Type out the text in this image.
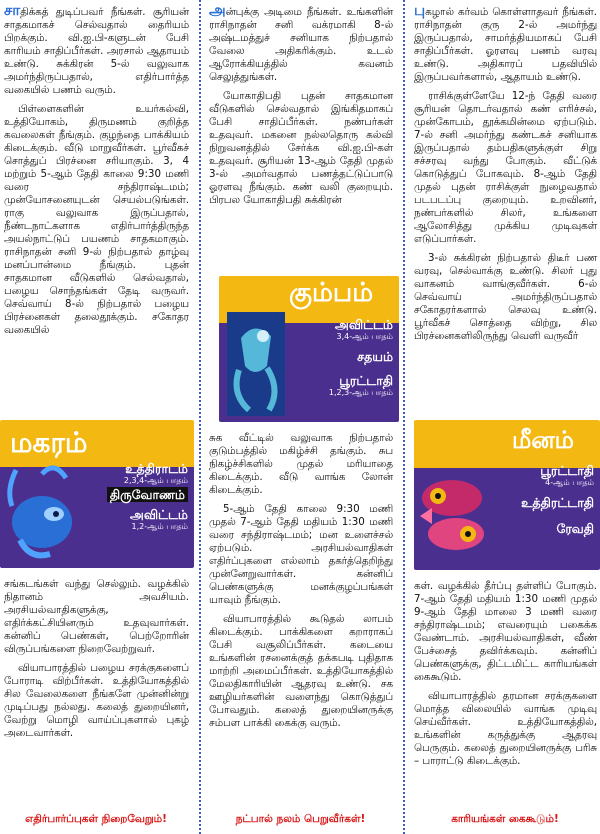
சாதிக்கத் துடிப்பவர் நீங்கள். சூரியன் சாதகமாகச் செல்வதால் தைரியம் பிறக்கும். வி.ஐ.பி-களுடன் பேசி காரியம் சாதிப்பீர்கள். அரசால் ஆதாயம் உண்டு. சுக்கிரன் 5-ல் வலுவாக அமர்ந்திருப்பதால், எதிர்பார்த்த வகையில் பணம் வரும்.

பிள்ளைகளின் உயர்கல்வி, உத்தியோகம், திருமணம் குறித்த கவலைகள் நீங்கும். குழந்தை பாக்கியம் கிடைக்கும். வீடு மாறுவீர்கள். பூர்வீகச் சொத்துப் பிரச்னை சரியாகும். 3, 4 மற்றும் 5-ஆம் தேதி காலை 9:30 மணி வரை சந்திராஷ்டமம்; முன்யோசனையுடன் செயல்படுங்கள். ராகு வலுவாக இருப்பதால், நீண்டநாட்களாக எதிர்பார்த்திருந்த அயல்நாட்டுப் பயணம் சாதகமாகும். ராசிநாதன் சனி 9-ல் நிற்பதால் தாழ்வு மனப்பான்மை நீங்கும். புதன் சாதகமான வீடுகளில் செல்வதால், பழைய சொந்தங்கள் தேடி வருவர். செவ்வாய் 8-ல் நிற்பதால் பழைய பிரச்னைகள் தலைதூக்கும். சகோதர வகையில்

மகரம்
உத்திராடம்
2,3,4-ஆம் பாதம்
திருவோணம்
அவிட்டம்
1,2-ஆம் பாதம்

சங்கடங்கள் வந்து செல்லும். வழக்கில் நிதானம் அவசியம். அரசியல்வாதிகளுக்கு, எதிர்க்கட்சியினரும் உதவுவார்கள். கன்னிப் பெண்கள், பெற்றோரின் விருப்பங்களை நிறைவேற்றுவர்.

வியாபாரத்தில் பழைய சரக்குகளைப் போராடி விற்பீர்கள். உத்தியோகத்தில் சில வேலைகளை நீங்களே முன்னின்று முடிப்பது நல்லது. கலைத் துறையினர், வேற்று மொழி வாய்ப்புகளால் புகழ் அடைவார்கள்.

எதிர்பார்ப்புகள் நிறைவேறும்!

அன்புக்கு அடிமை நீங்கள். உங்களின் ராசிநாதன் சனி வக்ரமாகி 8-ல் அஷ்டமத்துச் சனியாக நிற்பதால் வேலை அதிகரிக்கும். உடல் ஆரோக்கியத்தில் கவனம் செலுத்துங்கள்.

யோகாதிபதி புதன் சாதகமான வீடுகளில் செல்வதால் இங்கிதமாகப் பேசி சாதிப்பீர்கள். நண்பர்கள் உதவுவர். மகனை நல்லதொரு கல்வி நிறுவனத்தில் சேர்க்க வி.ஐ.பி-கள் உதவுவர். சூரியன் 13-ஆம் தேதி முதல் 3-ல் அமர்வதால் பணத்தட்டுப்பாடு ஓரளவு நீங்கும். கண் வலி குறையும். பிரபல யோகாதிபதி சுக்கிரன்

கும்பம்
அவிட்டம்
3,4-ஆம் பாதம்
சதயம்
பூரட்டாதி
1,2,3-ஆம் பாதம்

சுக வீட்டில் வலுவாக நிற்பதால் குடும்பத்தில் மகிழ்ச்சி தங்கும். சுப நிகழ்ச்சிகளில் முதல் மரியாதை கிடைக்கும். வீடு வாங்க லோன் கிடைக்கும்.

5-ஆம் தேதி காலை 9:30 மணி முதல் 7-ஆம் தேதி மதியம் 1:30 மணி வரை சந்திராஷ்டமம்; மன உளைச்சல் ஏற்படும். அரசியல்வாதிகள் எதிர்ப்புகளை எல்லாம் தகர்த்தெறிந்து முன்னேறுவார்கள். கன்னிப் பெண்களுக்கு மனக்குழப்பங்கள் யாவும் நீங்கும்.

வியாபாரத்தில் கூடுதல் லாபம் கிடைக்கும். பாக்கிகளை கறாராகப் பேசி வசூலிப்பீர்கள். கடையை உங்களின் ரசனைக்குத் தக்கபடி புதிதாக மாற்றி அமைப்பீர்கள். உத்தியோகத்தில் மேலதிகாரியின் ஆதரவு உண்டு. சக ஊழியர்களின் வளைந்து கொடுத்துப் போவதும். கலைத் துறையினருக்கு சம்பள பாக்கி கைக்கு வரும்.

நட்பால் நலம் பெறுவீர்கள்!

புகழால் கர்வம் கொள்ளாதவர் நீங்கள். ராசிநாதன் குரு 2-ல் அமர்ந்து இருப்பதால், சாமர்த்தியமாகப் பேசி சாதிப்பீர்கள். ஓரளவு பணம் வரவு உண்டு. அதிகாரப் பதவியில் இருப்பவர்களால், ஆதாயம் உண்டு.

ராசிக்குள்ளேயே 12-ந் தேதி வரை சூரியன் தொடர்வதால் கண் எரிச்சல், முன்கோபம், தூக்கமின்மை ஏற்படும். 7-ல் சனி அமர்ந்து கண்டகச் சனியாக இருப்பதால் தம்பதிகளுக்குள் சிறு சச்சரவு வந்து போகும். வீட்டுக் கொடுத்துப் போகவும். 8-ஆம் தேதி முதல் புதன் ராசிக்குள் நுழைவதால் படபடப்பு குறையும். உறவினர், நண்பர்களில் சிலர், உங்களை ஆலோசித்து முக்கிய முடிவுகள் எடுப்பார்கள்.

3-ல் சுக்கிரன் நிற்பதால் திடீர் பண வரவு, செல்வாக்கு உண்டு. சிலர் புது வாகனம் வாங்குவீர்கள். 6-ல் செவ்வாய் அமர்ந்திருப்பதால் சகோதரர்களால் செலவு உண்டு. பூர்வீகச் சொத்தை விற்று, சில பிரச்னைகளிலிருந்து வெளி வருவீர்

மீனம்
பூரட்டாதி
4-ஆம் பாதம்
உத்திரட்டாதி
ரேவதி

கள். வழக்கில் தீர்ப்பு தள்ளிப் போகும். 7-ஆம் தேதி மதியம் 1:30 மணி முதல் 9-ஆம் தேதி மாலை 3 மணி வரை சந்திராஷ்டமம்; எவரையும் பகைக்க வேண்டாம். அரசியல்வாதிகள், வீண் பேச்சைத் தவிர்க்கவும். கன்னிப் பெண்களுக்கு, திட்டமிட்ட காரியங்கள் கைகூடும்.

வியாபாரத்தில் தரமான சரக்குகளை மொத்த விலையில் வாங்க முடிவு செய்வீர்கள். உத்தியோகத்தில், உங்களின் கருத்துக்கு ஆதரவு பெருகும். கலைத் துறையினருக்கு பரிசு – பாராட்டு கிடைக்கும்.

காரியங்கள் கைகூடும்!
